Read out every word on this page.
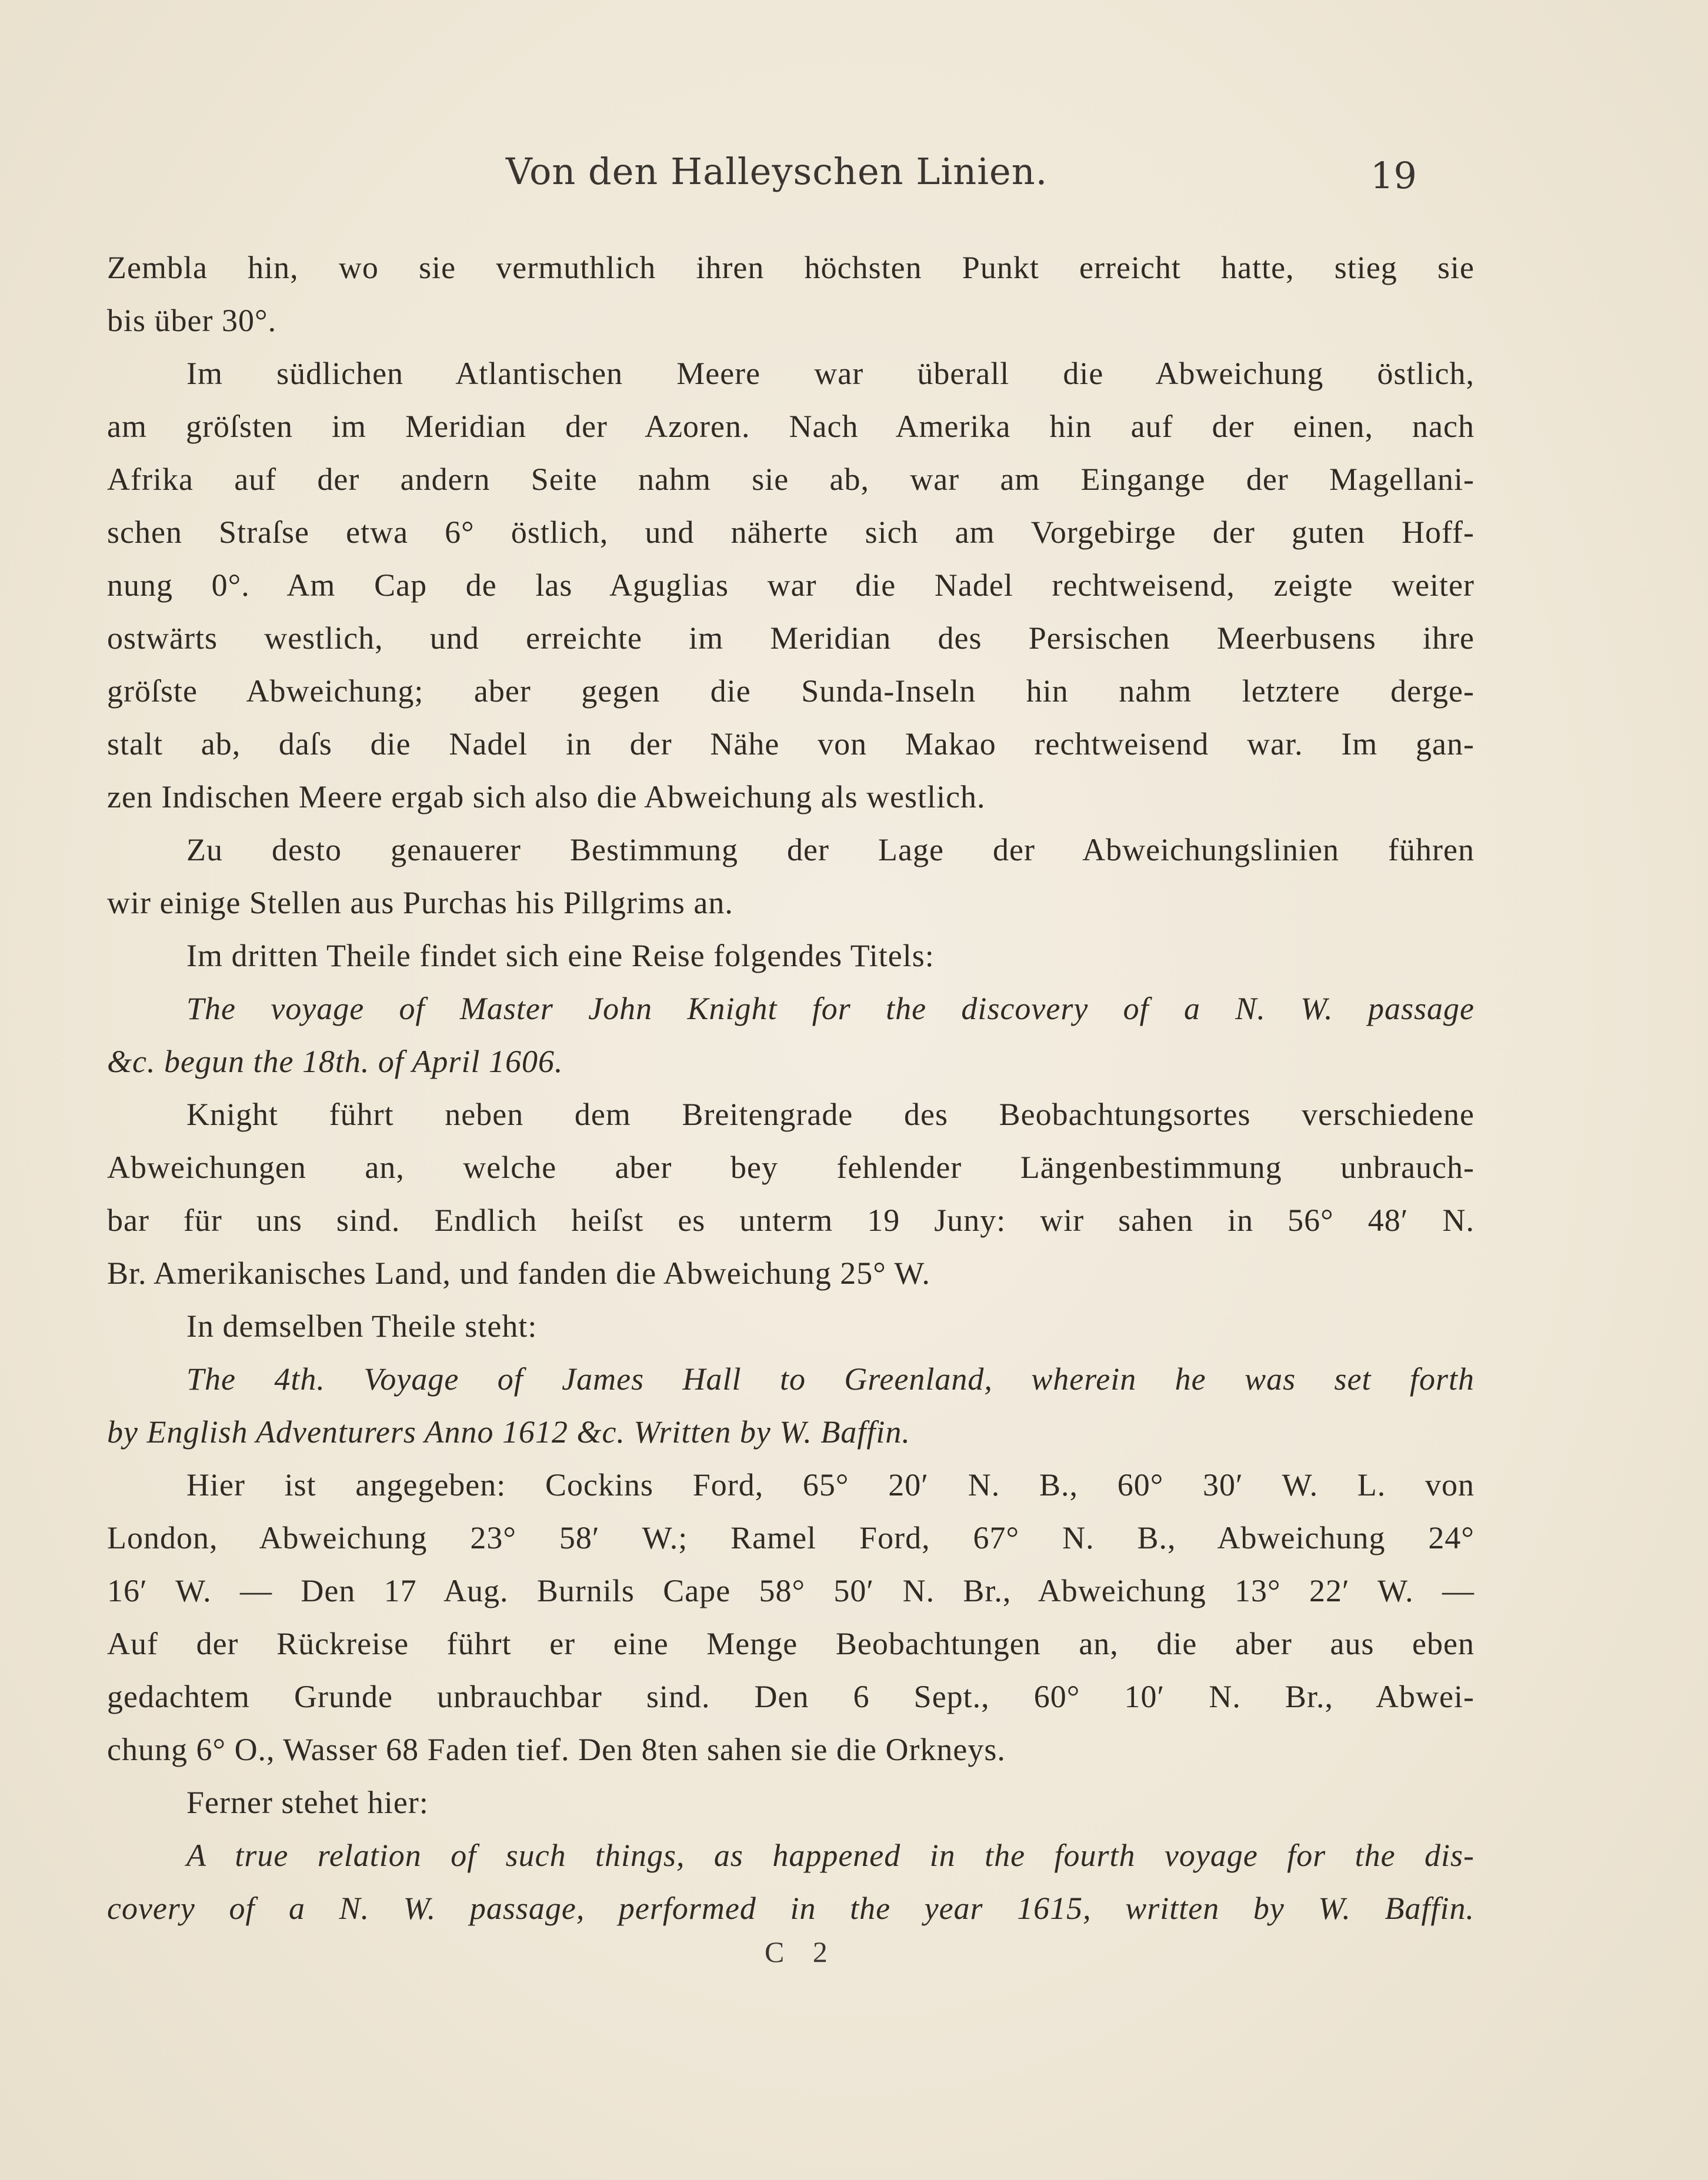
Von den Halleyschen Linien.	19
Zembla hin, wo sie vermuthlich ihren höchsten Punkt erreicht hatte, stieg sie
bis über 30°.
Im südlichen Atlantischen Meere war überall die Abweichung östlich,
am gröſsten im Meridian der Azoren. Nach Amerika hin auf der einen, nach
Afrika auf der andern Seite nahm sie ab, war am Eingange der Magellani-
schen Straſse etwa 6° östlich, und näherte sich am Vorgebirge der guten Hoff-
nung 0°. Am Cap de las Aguglias war die Nadel rechtweisend, zeigte weiter
ostwärts westlich, und erreichte im Meridian des Persischen Meerbusens ihre
gröſste Abweichung; aber gegen die Sunda-Inseln hin nahm letztere derge-
stalt ab, daſs die Nadel in der Nähe von Makao rechtweisend war. Im gan-
zen Indischen Meere ergab sich also die Abweichung als westlich.
Zu desto genauerer Bestimmung der Lage der Abweichungslinien führen
wir einige Stellen aus Purchas his Pillgrims an.
Im dritten Theile findet sich eine Reise folgendes Titels:
The voyage of Master John Knight for the discovery of a N. W. passage
&c. begun the 18th. of April 1606.
Knight führt neben dem Breitengrade des Beobachtungsortes verschiedene
Abweichungen an, welche aber bey fehlender Längenbestimmung unbrauch-
bar für uns sind. Endlich heiſst es unterm 19 Juny: wir sahen in 56° 48′ N.
Br. Amerikanisches Land, und fanden die Abweichung 25° W.
In demselben Theile steht:
The 4th. Voyage of James Hall to Greenland, wherein he was set forth
by English Adventurers Anno 1612 &c. Written by W. Baffin.
Hier ist angegeben: Cockins Ford, 65° 20′ N. B., 60° 30′ W. L. von
London, Abweichung 23° 58′ W.; Ramel Ford, 67° N. B., Abweichung 24°
16′ W. — Den 17 Aug. Burnils Cape 58° 50′ N. Br., Abweichung 13° 22′ W. —
Auf der Rückreise führt er eine Menge Beobachtungen an, die aber aus eben
gedachtem Grunde unbrauchbar sind. Den 6 Sept., 60° 10′ N. Br., Abwei-
chung 6° O., Wasser 68 Faden tief. Den 8ten sahen sie die Orkneys.
Ferner stehet hier:
A true relation of such things, as happened in the fourth voyage for the dis-
covery of a N. W. passage, performed in the year 1615, written by W. Baffin.
C 2
